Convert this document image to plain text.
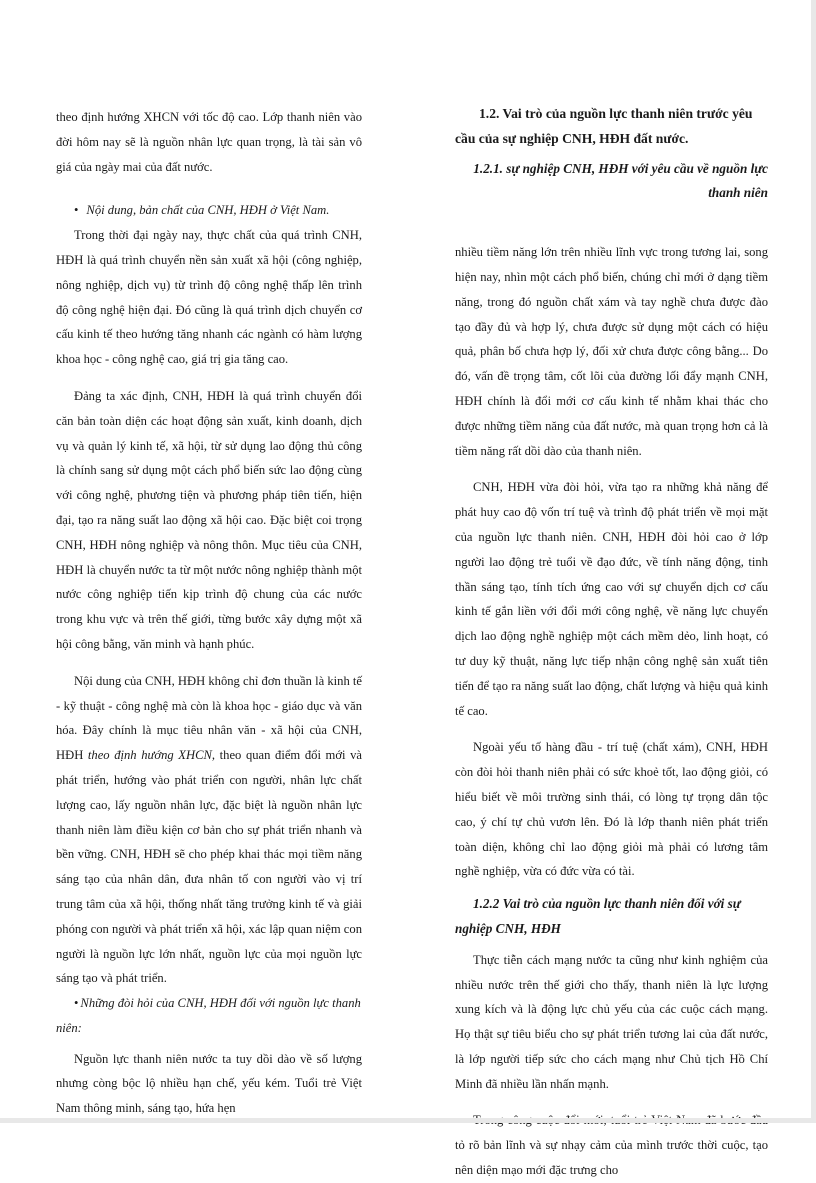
theo định hướng XHCN với tốc độ cao. Lớp thanh niên vào đời hôm nay sẽ là nguồn nhân lực quan trọng, là tài sản vô giá của ngày mai của đất nước.

• Nội dung, bản chất của CNH, HĐH ở Việt Nam.

Trong thời đại ngày nay, thực chất của quá trình CNH, HĐH là quá trình chuyển nền sản xuất xã hội (công nghiệp, nông nghiệp, dịch vụ) từ trình độ công nghệ thấp lên trình độ công nghệ hiện đại. Đó cũng là quá trình dịch chuyển cơ cấu kinh tế theo hướng tăng nhanh các ngành có hàm lượng khoa học - công nghệ cao, giá trị gia tăng cao.

Đảng ta xác định, CNH, HĐH là quá trình chuyển đổi căn bản toàn diện các hoạt động sản xuất, kinh doanh, dịch vụ và quản lý kinh tế, xã hội, từ sử dụng lao động thủ công là chính sang sử dụng một cách phổ biến sức lao động cùng với công nghệ, phương tiện và phương pháp tiên tiến, hiện đại, tạo ra năng suất lao động xã hội cao. Đặc biệt coi trọng CNH, HĐH nông nghiệp và nông thôn. Mục tiêu của CNH, HĐH là chuyển nước ta từ một nước nông nghiệp thành một nước công nghiệp tiến kịp trình độ chung của các nước trong khu vực và trên thế giới, từng bước xây dựng một xã hội công bằng, văn minh và hạnh phúc.

Nội dung của CNH, HĐH không chỉ đơn thuần là kinh tế - kỹ thuật - công nghệ mà còn là khoa học - giáo dục và văn hóa. Đây chính là mục tiêu nhân văn - xã hội của CNH, HĐH theo định hướng XHCN, theo quan điểm đổi mới và phát triển, hướng vào phát triển con người, nhân lực chất lượng cao, lấy nguồn nhân lực, đặc biệt là nguồn nhân lực thanh niên làm điều kiện cơ bản cho sự phát triển nhanh và bền vững. CNH, HĐH sẽ cho phép khai thác mọi tiềm năng sáng tạo của nhân dân, đưa nhân tố con người vào vị trí trung tâm của xã hội, thống nhất tăng trưởng kinh tế và giải phóng con người và phát triển xã hội, xác lập quan niệm con người là nguồn lực lớn nhất, nguồn lực của mọi nguồn lực sáng tạo và phát triển.

• Những đòi hỏi của CNH, HĐH đối với nguồn lực thanh niên:

Nguồn lực thanh niên nước ta tuy dồi dào về số lượng nhưng còng bộc lộ nhiều hạn chế, yếu kém. Tuổi trẻ Việt Nam thông minh, sáng tạo, hứa hẹn

1.2. Vai trò của nguồn lực thanh niên trước yêu cầu của sự nghiệp CNH, HĐH đất nước.
1.2.1. sự nghiệp CNH, HĐH với yêu cầu về nguồn lực thanh niên

nhiều tiềm năng lớn trên nhiều lĩnh vực trong tương lai, song hiện nay, nhìn một cách phổ biến, chúng chỉ mới ở dạng tiềm năng, trong đó nguồn chất xám và tay nghề chưa được đào tạo đầy đủ và hợp lý, chưa được sử dụng một cách có hiệu quả, phân bố chưa hợp lý, đối xử chưa được công bằng... Do đó, vấn đề trọng tâm, cốt lõi của đường lối đẩy mạnh CNH, HĐH chính là đổi mới cơ cấu kinh tế nhằm khai thác cho được những tiềm năng của đất nước, mà quan trọng hơn cả là tiềm năng rất dồi dào của thanh niên.

CNH, HĐH vừa đòi hỏi, vừa tạo ra những khả năng để phát huy cao độ vốn trí tuệ và trình độ phát triển về mọi mặt của nguồn lực thanh niên. CNH, HĐH đòi hỏi cao ở lớp người lao động trẻ tuổi về đạo đức, về tính năng động, tinh thần sáng tạo, tính tích ứng cao với sự chuyển dịch cơ cấu kinh tế gắn liền với đổi mới công nghệ, về năng lực chuyển dịch lao động nghề nghiệp một cách mềm dẻo, linh hoạt, có tư duy kỹ thuật, năng lực tiếp nhận công nghệ sản xuất tiên tiến để tạo ra năng suất lao động, chất lượng và hiệu quả kinh tế cao.

Ngoài yếu tố hàng đầu - trí tuệ (chất xám), CNH, HĐH còn đòi hỏi thanh niên phải có sức khoẻ tốt, lao động giỏi, có hiểu biết về môi trường sinh thái, có lòng tự trọng dân tộc cao, ý chí tự chủ vươn lên. Đó là lớp thanh niên phát triển toàn diện, không chỉ lao động giỏi mà phải có lương tâm nghề nghiệp, vừa có đức vừa có tài.

1.2.2 Vai trò của nguồn lực thanh niên đối với sự nghiệp CNH, HĐH

Thực tiễn cách mạng nước ta cũng như kinh nghiệm của nhiều nước trên thế giới cho thấy, thanh niên là lực lượng xung kích và là động lực chủ yếu của các cuộc cách mạng. Họ thật sự tiêu biểu cho sự phát triển tương lai của đất nước, là lớp người tiếp sức cho cách mạng như Chủ tịch Hồ Chí Minh đã nhiều lần nhấn mạnh.

tỏ rõ bản lĩnh và sự nhạy cảm của mình trước thời cuộc, tạo nên diện mạo mới đặc trưng cho
